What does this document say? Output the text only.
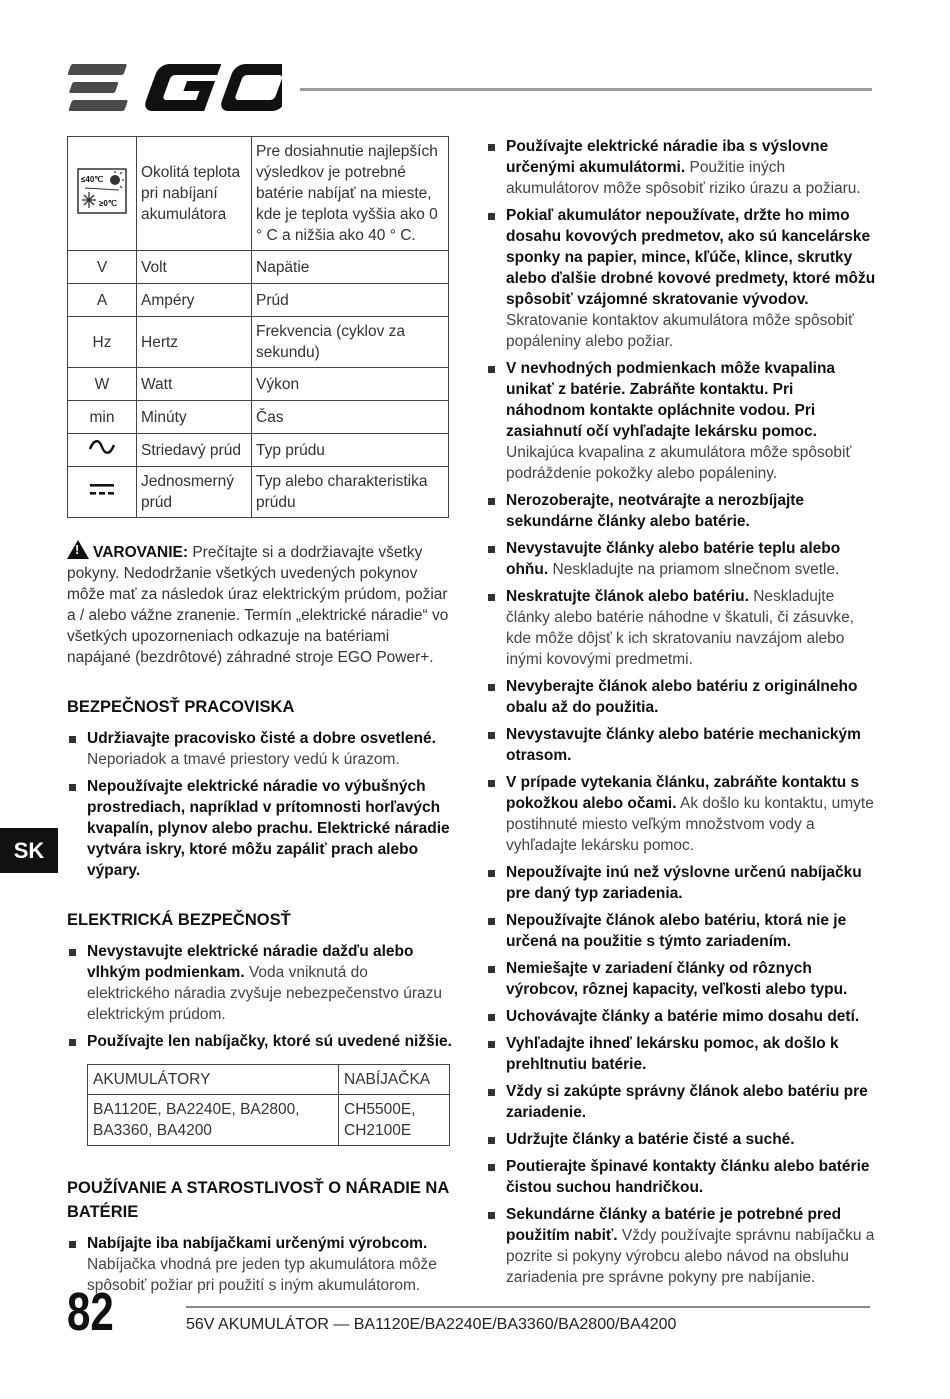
≤40℃
≥0℃	Okolitá teplota pri nabíjaní akumulátora	Pre dosiahnutie najlepších výsledkov je potrebné batérie nabíjať na mieste, kde je teplota vyššia ako 0 ° C a nižšia ako 40 ° C.
V	Volt	Napätie
A	Ampéry	Prúd
Hz	Hertz	Frekvencia (cyklov za sekundu)
W	Watt	Výkon
min	Minúty	Čas
	Striedavý prúd	Typ prúdu
	Jednosmerný prúd	Typ alebo charakteristika prúdu
!VAROVANIE: Prečítajte si a dodržiavajte všetky pokyny. Nedodržanie všetkých uvedených pokynov môže mať za následok úraz elektrickým prúdom, požiar a / alebo vážne zranenie. Termín „elektrické náradie“ vo všetkých upozorneniach odkazuje na batériami napájané (bezdrôtové) záhradné stroje EGO Power+.
BEZPEČNOSŤ PRACOVISKA
Udržiavajte pracovisko čisté a dobre osvetlené. Neporiadok a tmavé priestory vedú k úrazom.
Nepoužívajte elektrické náradie vo výbušných prostrediach, napríklad v prítomnosti horľavých kvapalín, plynov alebo prachu. Elektrické náradie vytvára iskry, ktoré môžu zapáliť prach alebo výpary.
ELEKTRICKÁ BEZPEČNOSŤ
Nevystavujte elektrické náradie dažďu alebo vlhkým podmienkam. Voda vniknutá do elektrického náradia zvyšuje nebezpečenstvo úrazu elektrickým prúdom.
Používajte len nabíjačky, ktoré sú uvedené nižšie.
AKUMULÁTORY	NABÍJAČKA
BA1120E, BA2240E, BA2800, BA3360, BA4200	CH5500E, CH2100E
POUŽÍVANIE A STAROSTLIVOSŤ O NÁRADIE NA BATÉRIE
Nabíjajte iba nabíjačkami určenými výrobcom. Nabíjačka vhodná pre jeden typ akumulátora môže spôsobiť požiar pri použití s iným akumulátorom.
Používajte elektrické náradie iba s výslovne určenými akumulátormi. Použitie iných akumulátorov môže spôsobiť riziko úrazu a požiaru.
Pokiaľ akumulátor nepoužívate, držte ho mimo dosahu kovových predmetov, ako sú kancelárske sponky na papier, mince, kľúče, klince, skrutky alebo ďalšie drobné kovové predmety, ktoré môžu spôsobiť vzájomné skratovanie vývodov. Skratovanie kontaktov akumulátora môže spôsobiť popáleniny alebo požiar.
V nevhodných podmienkach môže kvapalina unikať z batérie. Zabráňte kontaktu. Pri náhodnom kontakte opláchnite vodou. Pri zasiahnutí očí vyhľadajte lekársku pomoc. Unikajúca kvapalina z akumulátora môže spôsobiť podráždenie pokožky alebo popáleniny.
Nerozoberajte, neotvárajte a nerozbíjajte sekundárne články alebo batérie.
Nevystavujte články alebo batérie teplu alebo ohňu. Neskladujte na priamom slnečnom svetle.
Neskratujte článok alebo batériu. Neskladujte články alebo batérie náhodne v škatuli, či zásuvke, kde môže dôjsť k ich skratovaniu navzájom alebo inými kovovými predmetmi.
Nevyberajte článok alebo batériu z originálneho obalu až do použitia.
Nevystavujte články alebo batérie mechanickým otrasom.
V prípade vytekania článku, zabráňte kontaktu s pokožkou alebo očami. Ak došlo ku kontaktu, umyte postihnuté miesto veľkým množstvom vody a vyhľadajte lekársku pomoc.
Nepoužívajte inú než výslovne určenú nabíjačku pre daný typ zariadenia.
Nepoužívajte článok alebo batériu, ktorá nie je určená na použitie s týmto zariadením.
Nemiešajte v zariadení články od rôznych výrobcov, rôznej kapacity, veľkosti alebo typu.
Uchovávajte články a batérie mimo dosahu detí.
Vyhľadajte ihneď lekársku pomoc, ak došlo k prehltnutiu batérie.
Vždy si zakúpte správny článok alebo batériu pre zariadenie.
Udržujte články a batérie čisté a suché.
Poutierajte špinavé kontakty článku alebo batérie čistou suchou handričkou.
Sekundárne články a batérie je potrebné pred použitím nabiť. Vždy používajte správnu nabíjačku a pozrite si pokyny výrobcu alebo návod na obsluhu zariadenia pre správne pokyny pre nabíjanie.
SK
82	56V AKUMULÁTOR — BA1120E/BA2240E/BA3360/BA2800/BA4200
